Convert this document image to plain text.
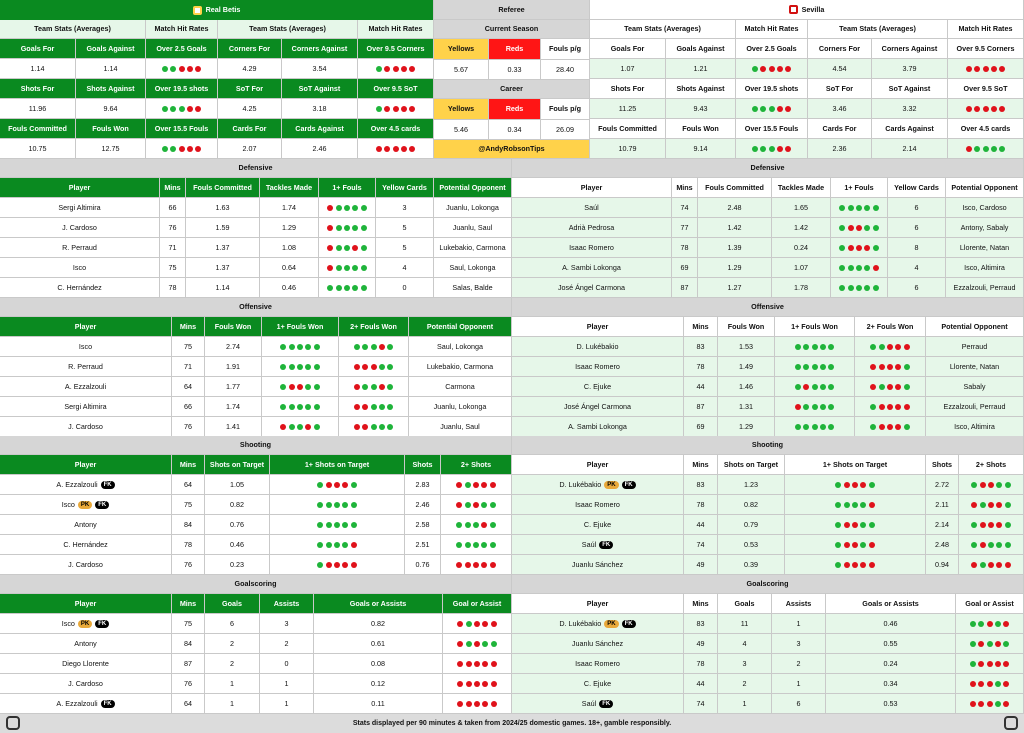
Real Betis	Referee	Sevilla
Team Stats (Averages)	Match Hit Rates	Team Stats (Averages)	Match Hit Rates
Goals For	Goals Against	Over 2.5 Goals	Corners For	Corners Against	Over 9.5 Corners
1.14	1.14	4.29	3.54
Shots For	Shots Against	Over 19.5 shots	SoT For	SoT Against	Over 9.5 SoT
11.96	9.64	4.25	3.18
Fouls Committed	Fouls Won	Over 15.5 Fouls	Cards For	Cards Against	Over 4.5 cards
10.75	12.75	2.07	2.46
Current Season
Yellows	Reds	Fouls p/g
5.67	0.33	28.40
Career
Yellows	Reds	Fouls p/g
5.46	0.34	26.09
@AndyRobsonTips
Team Stats (Averages)	Match Hit Rates	Team Stats (Averages)	Match Hit Rates
Goals For	Goals Against	Over 2.5 Goals	Corners For	Corners Against	Over 9.5 Corners
1.07	1.21	4.54	3.79
Shots For	Shots Against	Over 19.5 shots	SoT For	SoT Against	Over 9.5 SoT
11.25	9.43	3.46	3.32
Fouls Committed	Fouls Won	Over 15.5 Fouls	Cards For	Cards Against	Over 4.5 cards
10.79	9.14	2.36	2.14
Defensive	Defensive
Player	Mins	Fouls Committed	Tackles Made	1+ Fouls	Yellow Cards	Potential Opponent
Sergi Altimira	66	1.63	1.74	3	Juanlu, Lokonga
J. Cardoso	76	1.59	1.29	5	Juanlu, Saul
R. Perraud	71	1.37	1.08	5	Lukebakio, Carmona
Isco	75	1.37	0.64	4	Saul, Lokonga
C. Hernández	78	1.14	0.46	0	Salas, Balde
Player	Mins	Fouls Committed	Tackles Made	1+ Fouls	Yellow Cards	Potential Opponent
Saúl	74	2.48	1.65	6	Isco, Cardoso
Adrià Pedrosa	77	1.42	1.42	6	Antony, Sabaly
Isaac Romero	78	1.39	0.24	8	Llorente, Natan
A. Sambi Lokonga	69	1.29	1.07	4	Isco, Altimira
José Ángel Carmona	87	1.27	1.78	6	Ezzalzouli, Perraud
Offensive	Offensive
Player	Mins	Fouls Won	1+ Fouls Won	2+ Fouls Won	Potential Opponent
Isco	75	2.74	Saul, Lokonga
R. Perraud	71	1.91	Lukebakio, Carmona
A. Ezzalzouli	64	1.77	Carmona
Sergi Altimira	66	1.74	Juanlu, Lokonga
J. Cardoso	76	1.41	Juanlu, Saul
Player	Mins	Fouls Won	1+ Fouls Won	2+ Fouls Won	Potential Opponent
D. Lukébakio	83	1.53	Perraud
Isaac Romero	78	1.49	Llorente, Natan
C. Ejuke	44	1.46	Sabaly
José Ángel Carmona	87	1.31	Ezzalzouli, Perraud
A. Sambi Lokonga	69	1.29	Isco, Altimira
Shooting	Shooting
Player	Mins	Shots on Target	1+ Shots on Target	Shots	2+ Shots
A. Ezzalzouli	FK	64	1.05	2.83
Isco	PK	FK	75	0.82	2.46
Antony	84	0.76	2.58
C. Hernández	78	0.46	2.51
J. Cardoso	76	0.23	0.76
Player	Mins	Shots on Target	1+ Shots on Target	Shots	2+ Shots
D. Lukébakio	PK	FK	83	1.23	2.72
Isaac Romero	78	0.82	2.11
C. Ejuke	44	0.79	2.14
Saúl	FK	74	0.53	2.48
Juanlu Sánchez	49	0.39	0.94
Goalscoring	Goalscoring
Player	Mins	Goals	Assists	Goals or Assists	Goal or Assist
Isco	PK	FK	75	6	3	0.82
Antony	84	2	2	0.61
Diego Llorente	87	2	0	0.08
J. Cardoso	76	1	1	0.12
A. Ezzalzouli	FK	64	1	1	0.11
Player	Mins	Goals	Assists	Goals or Assists	Goal or Assist
D. Lukébakio	PK	FK	83	11	1	0.46
Juanlu Sánchez	49	4	3	0.55
Isaac Romero	78	3	2	0.24
C. Ejuke	44	2	1	0.34
Saúl	FK	74	1	6	0.53
Stats displayed per 90 minutes & taken from 2024/25 domestic games. 18+, gamble responsibly.
